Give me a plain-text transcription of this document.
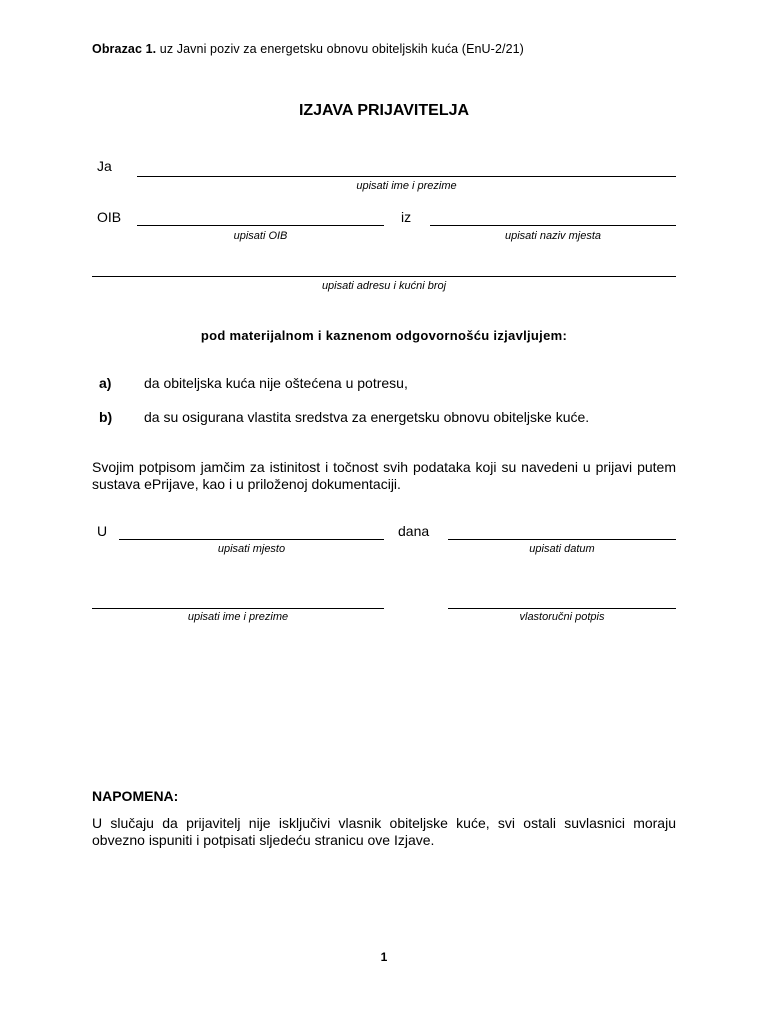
Obrazac 1. uz Javni poziv za energetsku obnovu obiteljskih kuća (EnU-2/21)
IZJAVA PRIJAVITELJA
Ja
upisati ime i prezime
OIB
upisati OIB
iz
upisati naziv mjesta
upisati adresu i kućni broj
pod materijalnom i kaznenom odgovornošću izjavljujem:
a) da obiteljska kuća nije oštećena u potresu,
b) da su osigurana vlastita sredstva za energetsku obnovu obiteljske kuće.
Svojim potpisom jamčim za istinitost i točnost svih podataka koji su navedeni u prijavi putem sustava ePrijave, kao i u priloženoj dokumentaciji.
U
upisati mjesto
dana
upisati datum
upisati ime i prezime	vlastoručni potpis
NAPOMENA:
U slučaju da prijavitelj nije isključivi vlasnik obiteljske kuće, svi ostali suvlasnici moraju obvezno ispuniti i potpisati sljedeću stranicu ove Izjave.
1
